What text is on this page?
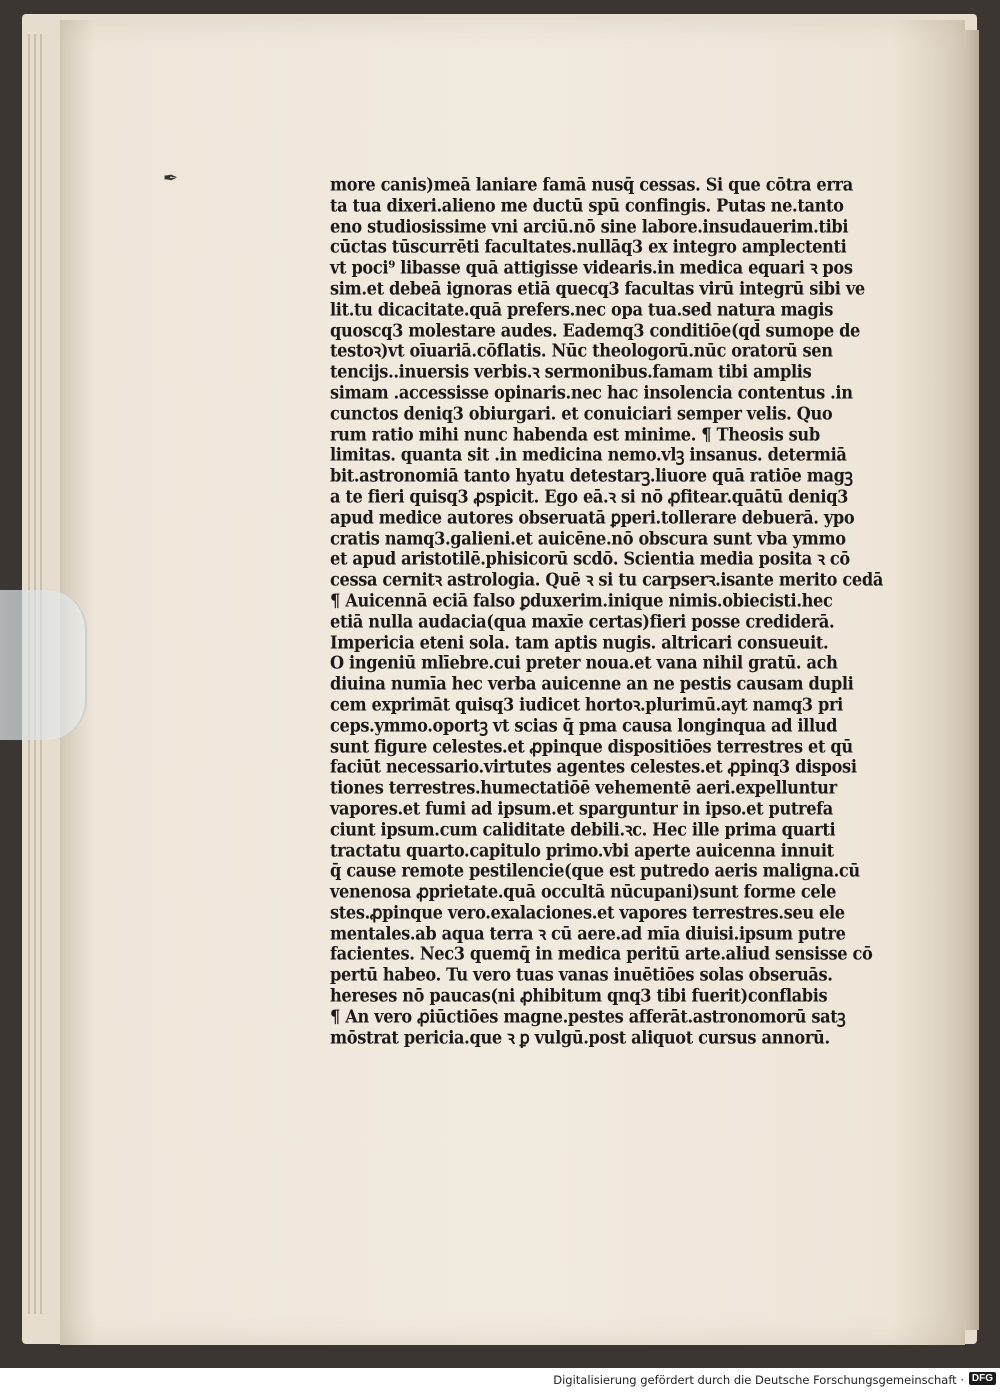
✒	more canis)meā laniare famā nusq̄ cessas. Si que cōtra erra
ta tua dixeri.alieno me ductū spū confingis. Putas ne.tanto
eno studiosissime vni arciū.nō sine labore.insudauerim.tibi
cūctas tūscurrēti facultates.nullāq3 ex integro amplectenti
vt poci⁹ libasse quā attigisse videaris.in medica equari ꝛ pos
sim.et debeā ignoras etiā quecq3 facultas virū integrū sibi ve
lit.tu dicacitate.quā prefers.nec opa tua.sed natura magis
quoscq3 molestare audes. Eademq3 conditiōe(qd̄ sumope de
testoꝛ)vt oīuariā.cōflatis. Nūc theologorū.nūc oratorū sen
tencijs..inuersis verbis.ꝛ sermonibus.famam tibi amplis
simam .accessisse opinaris.nec hac insolencia contentus .in
cunctos deniq3 obiurgari. et conuiciari semper velis. Quo
rum ratio mihi nunc habenda est minime. ¶ Theosis sub
limitas. quanta sit .in medicina nemo.vlꝫ insanus. determiā
bit.astronomiā tanto hyatu detestarꝫ.liuore quā ratiōe magꝫ
a te fieri quisq3 ꝓspicit. Ego eā.ꝛ si nō ꝓfitear.quātū deniq3
apud medice autores obseruatā ꝑperi.tollerare debuerā. ypo
cratis namq3.galieni.et auicēne.nō obscura sunt vba ymmo
et apud aristotilē.phisicorū scdō. Scientia media posita ꝛ cō
cessa cernitꝛ astrologia. Quē ꝛ si tu carpserꝛ.isante merito cedā
¶ Auicennā eciā falso ꝑduxerim.inique nimis.obiecisti.hec
etiā nulla audacia(qua maxīe certas)fieri posse crediderā.
Impericia eteni sola. tam aptis nugis. altricari consueuit.
O ingeniū mlīebre.cui preter noua.et vana nihil gratū. ach
diuina numīa hec verba auicenne an ne pestis causam dupli
cem exprimāt quisq3 iudicet hortoꝛ.plurimū.ayt namq3 pri
ceps.ymmo.oportꝫ vt scias q̄ pma causa longinqua ad illud
sunt figure celestes.et ꝓpinque dispositiōes terrestres et qū
faciūt necessario.virtutes agentes celestes.et ꝓpinq3 disposi
tiones terrestres.humectatiōē vehementē aeri.expelluntur
vapores.et fumi ad ipsum.et sparguntur in ipso.et putrefa
ciunt ipsum.cum caliditate debili.ꝛc. Hec ille prima quarti
tractatu quarto.capitulo primo.vbi aperte auicenna innuit
q̄ cause remote pestilencie(que est putredo aeris maligna.cū
venenosa ꝓprietate.quā occultā nūcupani)sunt forme cele
stes.ꝓpinque vero.exalaciones.et vapores terrestres.seu ele
mentales.ab aqua terra ꝛ cū aere.ad mīa diuisi.ipsum putre
facientes. Nec3 quemq̄ in medica peritū arte.aliud sensisse cō
pertū habeo. Tu vero tuas vanas inuētiōes solas obseruās.
hereses nō paucas(ni ꝓhibitum qnq3 tibi fuerit)conflabis
¶ An vero ꝓiūctiōes magne.pestes afferāt.astronomorū satꝫ
mōstrat pericia.que ꝛ ꝑ vulgū.post aliquot cursus annorū.
Digitalisierung gefördert durch die Deutsche Forschungsgemeinschaft · DFG
